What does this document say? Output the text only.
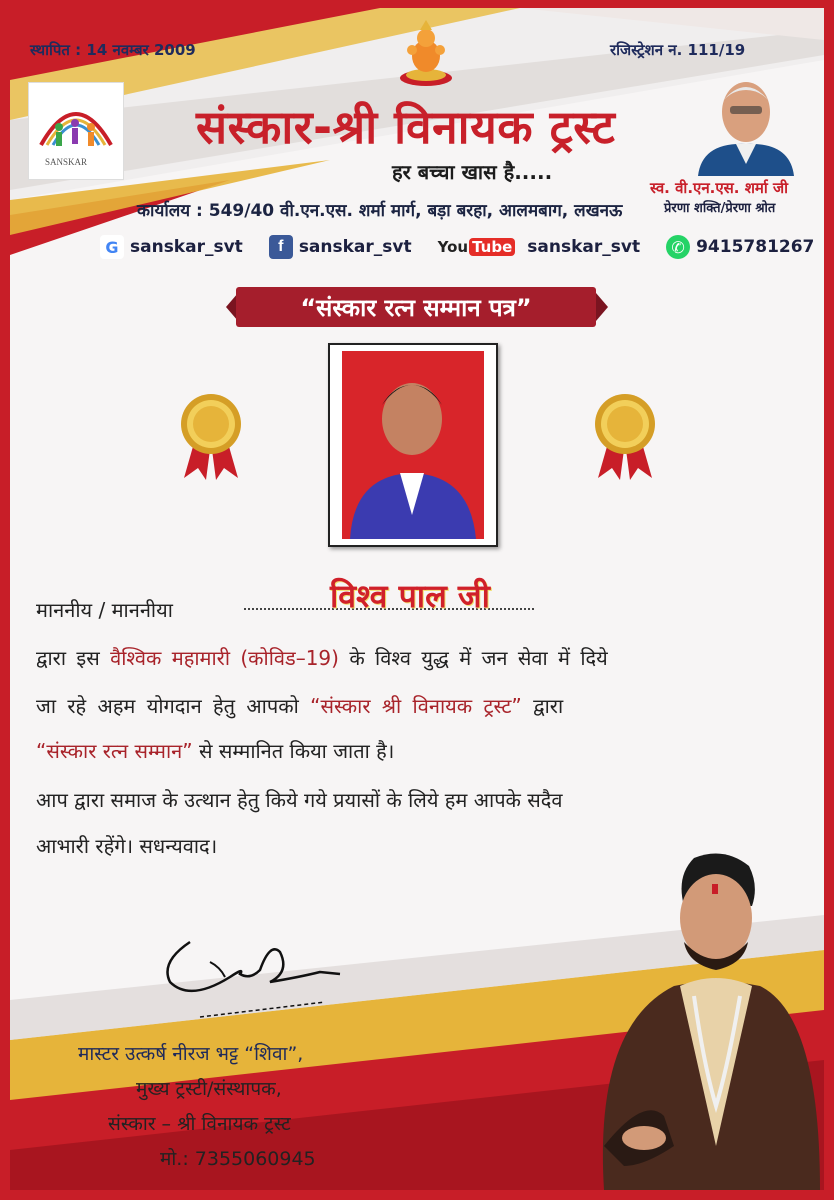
स्थापित : 14 नवम्बर 2009	रजिस्ट्रेशन न. 111/19
SANSKAR
संस्कार-श्री विनायक ट्रस्ट
हर बच्चा खास है.....
कार्यालय : 549/40 वी.एन.एस. शर्मा मार्ग, बड़ा बरहा, आलमबाग, लखनऊ
स्व. वी.एन.एस. शर्मा जी
प्रेरणा शक्ति/प्रेरणा श्रोत
G sanskar_svt	f sanskar_svt You Tube sanskar_svt	✆ 9415781267
“संस्कार रत्न सम्मान पत्र”
माननीय / माननीया	विश्व पाल जी
द्वारा इस वैश्विक महामारी (कोविड–19) के विश्व युद्ध में जन सेवा में दिये
जा रहे अहम योगदान हेतु आपको “संस्कार श्री विनायक ट्रस्ट” द्वारा
“संस्कार रत्न सम्मान” से सम्मानित किया जाता है।
आप द्वारा समाज के उत्थान हेतु किये गये प्रयासों के लिये हम आपके सदैव
आभारी रहेंगे। सधन्यवाद।
मास्टर उत्कर्ष नीरज भट्ट “शिवा”,
मुख्य ट्रस्टी/संस्थापक,
संस्कार – श्री विनायक ट्रस्ट
मो.: 7355060945
